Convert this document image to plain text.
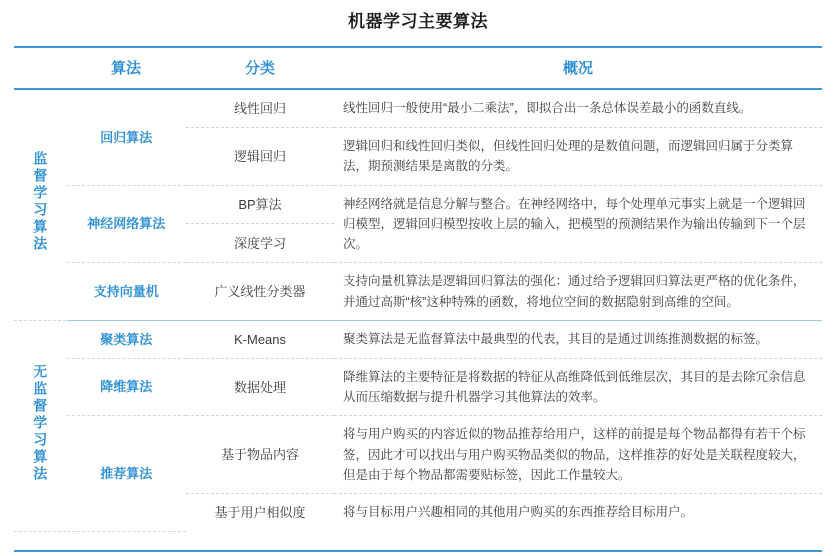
机器学习主要算法
	算法	分类	概况
监督学习算法	回归算法	线性回归	线性回归一般使用“最小二乘法”，即拟合出一条总体误差最小的函数直线。
		逻辑回归	逻辑回归和线性回归类似，但线性回归处理的是数值问题，而逻辑回归属于分类算法，期预测结果是离散的分类。
	神经网络算法	BP算法	神经网络就是信息分解与整合。在神经网络中，每个处理单元事实上就是一个逻辑回归模型，逻辑回归模型按收上层的输入，把模型的预测结果作为输出传输到下一个层次。
		深度学习	
	支持向量机	广义线性分类器	支持向量机算法是逻辑回归算法的强化：通过给予逻辑回归算法更严格的优化条件，并通过高斯“核”这种特殊的函数，将地位空间的数据隐射到高维的空间。
无监督学习算法	聚类算法	K-Means	聚类算法是无监督算法中最典型的代表，其目的是通过训练推测数据的标签。
	降维算法	数据处理	降维算法的主要特征是将数据的特征从高维降低到低维层次，其目的是去除冗余信息从而压缩数据与提升机器学习其他算法的效率。
	推荐算法	基于物品内容	将与用户购买的内容近似的物品推荐给用户，这样的前提是每个物品都得有若干个标签，因此才可以找出与用户购买物品类似的物品，这样推荐的好处是关联程度较大，但是由于每个物品都需要贴标签，因此工作量较大。
		基于用户相似度	将与目标用户兴趣相同的其他用户购买的东西推荐给目标用户。
